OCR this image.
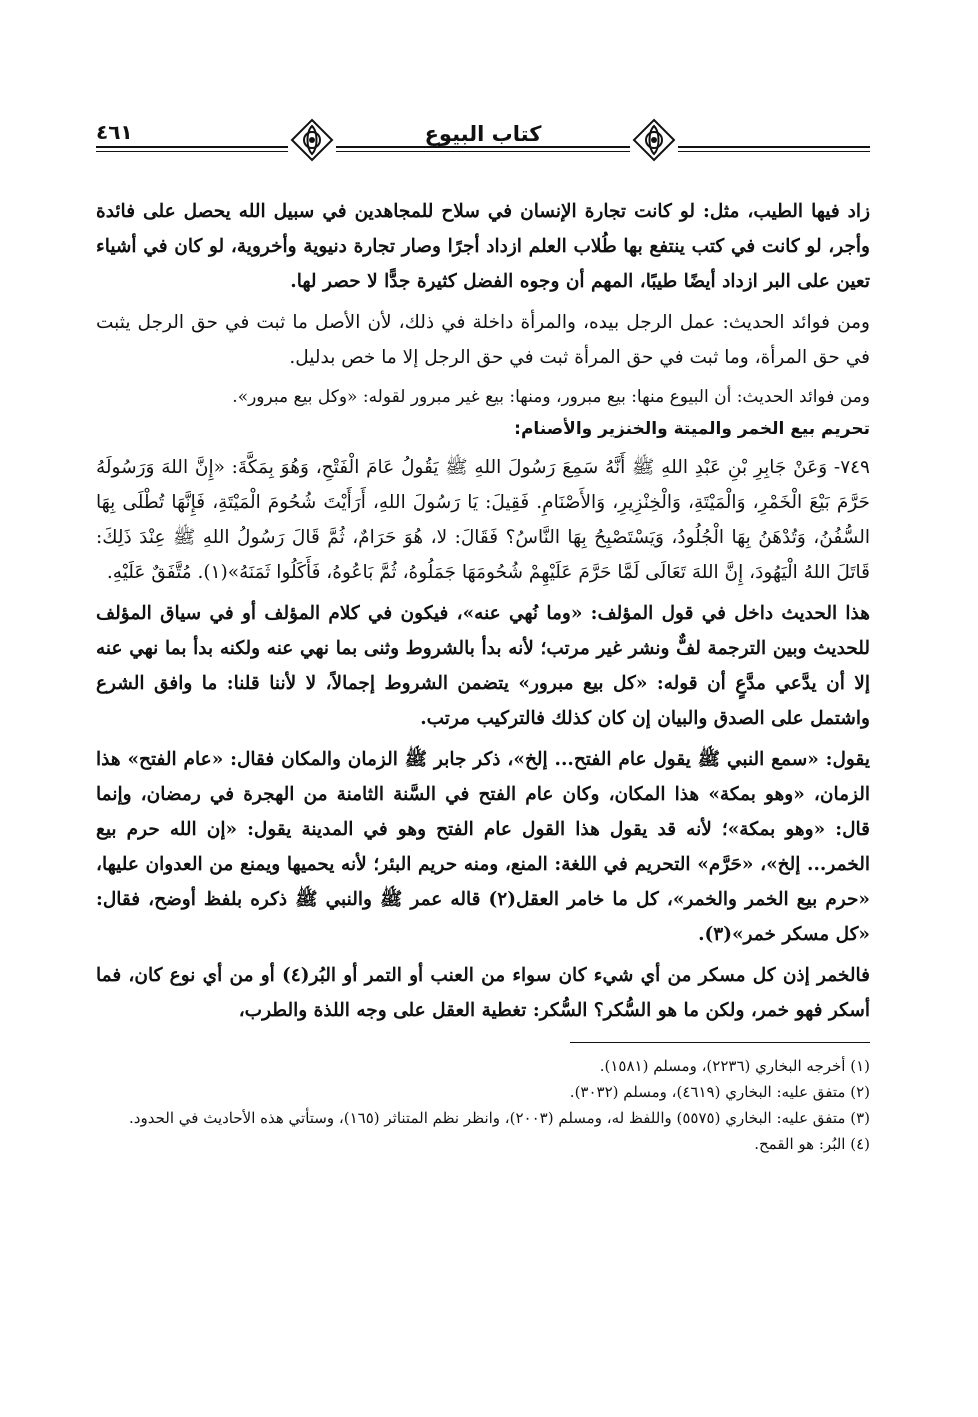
كتاب البيوع
٤٦١

زاد فيها الطيب، مثل: لو كانت تجارة الإنسان في سلاح للمجاهدين في سبيل الله يحصل على فائدة وأجر، لو كانت في كتب ينتفع بها طُلاب العلم ازداد أجرًا وصار تجارة دنيوية وأخروية، لو كان في أشياء تعين على البر ازداد أيضًا طيبًا، المهم أن وجوه الفضل كثيرة جدًّا لا حصر لها.

ومن فوائد الحديث: عمل الرجل بيده، والمرأة داخلة في ذلك، لأن الأصل ما ثبت في حق الرجل يثبت في حق المرأة، وما ثبت في حق المرأة ثبت في حق الرجل إلا ما خص بدليل.

ومن فوائد الحديث: أن البيوع منها: بيع مبرور، ومنها: بيع غير مبرور لقوله: «وكل بيع مبرور».

تحريم بيع الخمر والميتة والخنزير والأصنام:

٧٤٩- وَعَنْ جَابِرِ بْنِ عَبْدِ اللهِ ﷺ أَنَّهُ سَمِعَ رَسُولَ اللهِ ﷺ يَقُولُ عَامَ الْفَتْحِ، وَهُوَ بِمَكَّةَ: «إِنَّ اللهَ وَرَسُولَهُ حَرَّمَ بَيْعَ الْخَمْرِ، وَالْمَيْتَةِ، وَالْخِنْزِيرِ، وَالأَصْنَامِ. فَقِيلَ: يَا رَسُولَ اللهِ، أَرَأَيْتَ شُحُومَ الْمَيْتَةِ، فَإِنَّهَا تُطْلَى بِهَا السُّفُنُ، وَتُدْهَنُ بِهَا الْجُلُودُ، وَيَسْتَصْبِحُ بِهَا النَّاسُ؟ فَقَالَ: لا، هُوَ حَرَامٌ، ثُمَّ قَالَ رَسُولُ اللهِ ﷺ عِنْدَ ذَلِكَ: قَاتَلَ اللهُ الْيَهُودَ، إِنَّ اللهَ تَعَالَى لَمَّا حَرَّمَ عَلَيْهِمْ شُحُومَهَا جَمَلُوهُ، ثُمَّ بَاعُوهُ، فَأَكَلُوا ثَمَنَهُ»(١). مُتَّفَقٌ عَلَيْهِ.

هذا الحديث داخل في قول المؤلف: «وما نُهي عنه»، فيكون في كلام المؤلف أو في سياق المؤلف للحديث وبين الترجمة لفٌّ ونشر غير مرتب؛ لأنه بدأ بالشروط وثنى بما نهي عنه ولكنه بدأ بما نهي عنه إلا أن يدَّعي مدَّعٍ أن قوله: «كل بيع مبرور» يتضمن الشروط إجمالاً، لا لأننا قلنا: ما وافق الشرع واشتمل على الصدق والبيان إن كان كذلك فالتركيب مرتب.

يقول: «سمع النبي ﷺ يقول عام الفتح... إلخ»، ذكر جابر ﷺ الزمان والمكان فقال: «عام الفتح» هذا الزمان، «وهو بمكة» هذا المكان، وكان عام الفتح في السَّنة الثامنة من الهجرة في رمضان، وإنما قال: «وهو بمكة»؛ لأنه قد يقول هذا القول عام الفتح وهو في المدينة يقول: «إن الله حرم بيع الخمر... إلخ»، «حَرَّم» التحريم في اللغة: المنع، ومنه حريم البئر؛ لأنه يحميها ويمنع من العدوان عليها، «حرم بيع الخمر والخمر»، كل ما خامر العقل(٢) قاله عمر ﷺ والنبي ﷺ ذكره بلفظ أوضح، فقال: «كل مسكر خمر»(٣).

فالخمر إذن كل مسكر من أي شيء كان سواء من العنب أو التمر أو البُر(٤) أو من أي نوع كان، فما أسكر فهو خمر، ولكن ما هو السُّكر؟ السُّكر: تغطية العقل على وجه اللذة والطرب،

(١) أخرجه البخاري (٢٢٣٦)، ومسلم (١٥٨١).

(٢) متفق عليه: البخاري (٤٦١٩)، ومسلم (٣٠٣٢).

(٣) متفق عليه: البخاري (٥٥٧٥) واللفظ له، ومسلم (٢٠٠٣)، وانظر نظم المتناثر (١٦٥)، وستأتي هذه الأحاديث في الحدود.

(٤) البُر: هو القمح.
